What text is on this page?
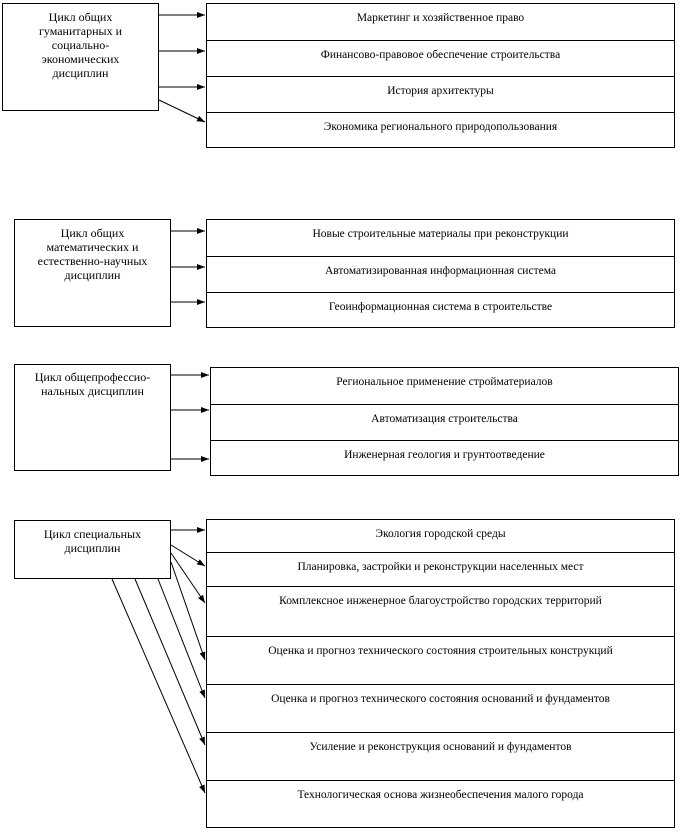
Цикл общих гуманитарных и социально-экономических дисциплин
Маркетинг и хозяйственное право
Финансово-правовое обеспечение строительства
История архитектуры
Экономика регионального природопользования
Цикл общих математических и естественно-научных дисциплин
Новые строительные материалы при реконструкции
Автоматизированная информационная система
Геоинформационная система в строительстве
Цикл общепрофессио-нальных дисциплин
Региональное применение стройматериалов
Автоматизация строительства
Инженерная геология и грунтоотведение
Цикл специальных дисциплин
Экология городской среды
Планировка, застройки и реконструкции населенных мест
Комплексное инженерное благоустройство городских территорий
Оценка и прогноз технического состояния строительных конструкций
Оценка и прогноз технического состояния оснований и фундаментов
Усиление и реконструкция оснований и фундаментов
Технологическая основа жизнеобеспечения малого города
